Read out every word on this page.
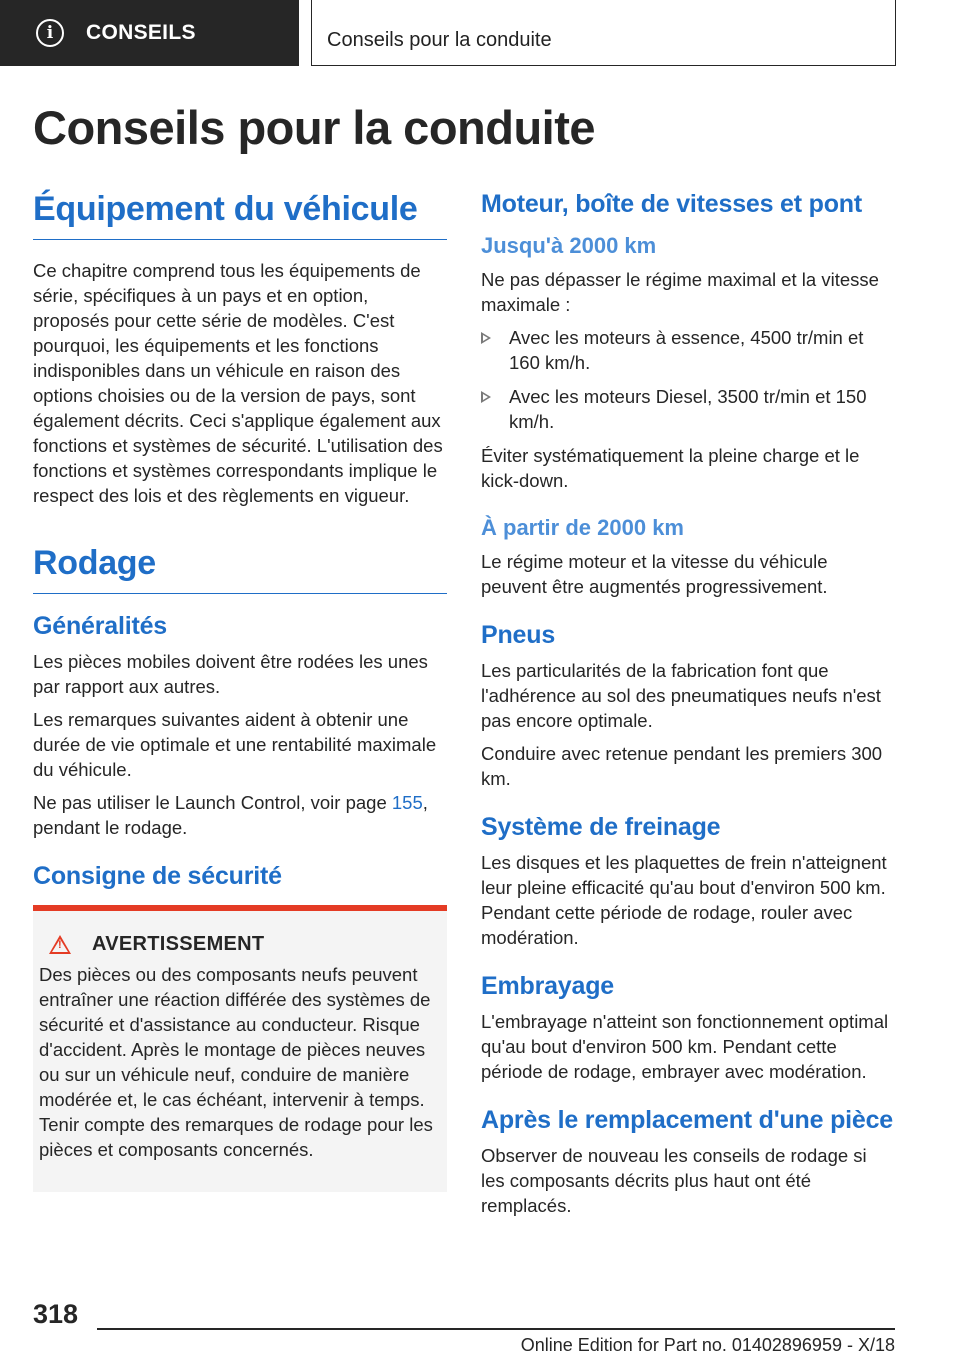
i	CONSEILS	Conseils pour la conduite
Conseils pour la conduite
Équipement du véhicule

Ce chapitre comprend tous les équipements de série, spécifiques à un pays et en option, proposés pour cette série de modèles. C'est pourquoi, les équipements et les fonctions indisponibles dans un véhicule en raison des options choisies ou de la version de pays, sont également décrits. Ceci s'applique également aux fonctions et systèmes de sécurité. L'utilisation des fonctions et systèmes correspondants implique le respect des lois et des règlements en vigueur.

Rodage
Généralités

Les pièces mobiles doivent être rodées les unes par rapport aux autres.

Les remarques suivantes aident à obtenir une durée de vie optimale et une rentabilité maximale du véhicule.

Ne pas utiliser le Launch Control, voir page 155, pendant le rodage.

Consigne de sécurité
!
AVERTISSEMENT

Des pièces ou des composants neufs peuvent entraîner une réaction différée des systèmes de sécurité et d'assistance au conducteur. Risque d'accident. Après le montage de pièces neuves ou sur un véhicule neuf, conduire de manière modérée et, le cas échéant, intervenir à temps. Tenir compte des remarques de rodage pour les pièces et composants concernés.

Moteur, boîte de vitesses et pont
Jusqu'à 2000 km

Ne pas dépasser le régime maximal et la vitesse maximale :

Avec les moteurs à essence, 4500 tr/min et 160 km/h.
Avec les moteurs Diesel, 3500 tr/min et 150 km/h.

Éviter systématiquement la pleine charge et le kick-down.

À partir de 2000 km

Le régime moteur et la vitesse du véhicule peuvent être augmentés progressivement.

Pneus

Les particularités de la fabrication font que l'adhérence au sol des pneumatiques neufs n'est pas encore optimale.

Conduire avec retenue pendant les premiers 300 km.

Système de freinage

Les disques et les plaquettes de frein n'atteignent leur pleine efficacité qu'au bout d'environ 500 km. Pendant cette période de rodage, rouler avec modération.

Embrayage

L'embrayage n'atteint son fonctionnement optimal qu'au bout d'environ 500 km. Pendant cette période de rodage, embrayer avec modération.

Après le remplacement d'une pièce

Observer de nouveau les conseils de rodage si les composants décrits plus haut ont été remplacés.

318
Online Edition for Part no. 01402896959 - X/18
